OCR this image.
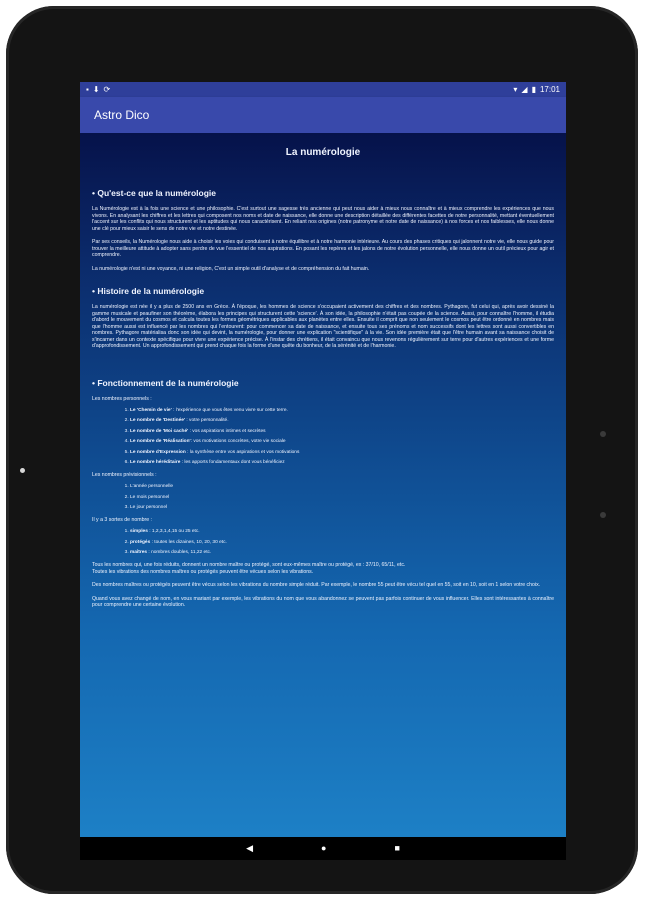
▪ ⬇ ⟳	▾ ◢ ▮ 17:01
Astro Dico
La numérologie
• Qu'est-ce que la numérologie

La Numérologie est à la fois une science et une philosophie. C'est surtout une sagesse très ancienne qui peut nous aider à mieux nous connaître et à mieux comprendre les expériences que nous vivons. En analysant les chiffres et les lettres qui composent nos noms et date de naissance, elle donne une description détaillée des différentes facettes de notre personnalité, mettant éventuellement l'accent sur les conflits qui nous structurent et les aptitudes qui nous caractérisent. En reliant nos origines (notre patronyme et notre date de naissance) à nos forces et nos faiblesses, elle nous donne une clé pour mieux saisir le sens de notre vie et notre destinée.

Par ses conseils, la Numérologie nous aide à choisir les voies qui conduisent à notre équilibre et à notre harmonie intérieure. Au cours des phases critiques qui jalonnent notre vie, elle nous guide pour trouver la meilleure attitude à adopter sans perdre de vue l'essentiel de nos aspirations. En posant les repères et les jalons de notre évolution personnelle, elle nous donne un outil précieux pour agir et comprendre.

La numérologie n'est ni une voyance, ni une religion, C'est un simple outil d'analyse et de compréhension du fait humain.

• Histoire de la numérologie

La numérologie est née il y a plus de 2500 ans en Grèce. À l'époque, les hommes de science s'occupaient activement des chiffres et des nombres. Pythagore, fut celui qui, après avoir dessiné la gamme musicale et peaufiner son théorème, élabora les principes qui structurent cette 'science'. À son idée, la philosophie n'était pas coupée de la science. Aussi, pour connaître l'homme, il étudia d'abord le mouvement du cosmos et calcula toutes les formes géométriques applicables aux planètes entre elles. Ensuite il comprit que non seulement le cosmos peut être ordonné en nombres mais que l'homme aussi est influencé par les nombres qui l'entourent: pour commencer sa date de naissance, et ensuite tous ses prénoms et nom successifs dont les lettres sont aussi convertibles en nombres. Pythagore matérialisa donc son idée qui devint, la numérologie, pour donner une explication "scientifique" à la vie. Son idée première était que l'être humain avant sa naissance choisit de s'incarner dans un contexte spécifique pour vivre une expérience précise. À l'instar des chrétiens, il était convaincu que nous revenons régulièrement sur terre pour d'autres expériences et une forme d'approfondissement. Un approfondissement qui prend chaque fois la forme d'une quête du bonheur, de la sérénité et de l'harmonie.

• Fonctionnement de la numérologie
Les nombres personnels :
1. Le 'Chemin de vie' : l'expérience que vous êtes venu vivre sur cette terre.
2. Le nombre de 'Destinée' : votre personnalité.
3. Le nombre de 'Moi caché' : vos aspirations intimes et secrètes
4. Le nombre de 'Réalisation': vos motivations concrètes, votre vie sociale
5. Le nombre d'Expression : la synthèse entre vos aspirations et vos motivations
6. Le nombre héréditaire : les apports fondamentaux dont vous bénéficiez
Les nombres prévisionnels :
1. L'année personnelle
2. Le mois personnel
3. Le jour personnel
Il y a 3 sortes de nombre :
1. simples : 1,2,3,1,4,15 ou 25 etc.
2. protégés : toutes les dizaines, 10, 20, 30 etc.
3. maîtres : nombres doubles, 11,22 etc.

Tous les nombres qui, une fois réduits, donnent un nombre maître ou protégé, sont eux-mêmes maître ou protégé, ex : 37/10, 65/11, etc.

Toutes les vibrations des nombres maîtres ou protégés peuvent être vécues selon les vibrations.

Des nombres maîtres ou protégés peuvent être vécus selon les vibrations du nombre simple réduit. Par exemple, le nombre 55 peut être vécu tel quel en 55, soit en 10, soit en 1 selon votre choix.

Quand vous avez changé de nom, en vous mariant par exemple, les vibrations du nom que vous abandonnez se peuvent pas parfois continuer de vous influencer. Elles sont intéressantes à connaître pour comprendre une certaine évolution.

◀	●	■
